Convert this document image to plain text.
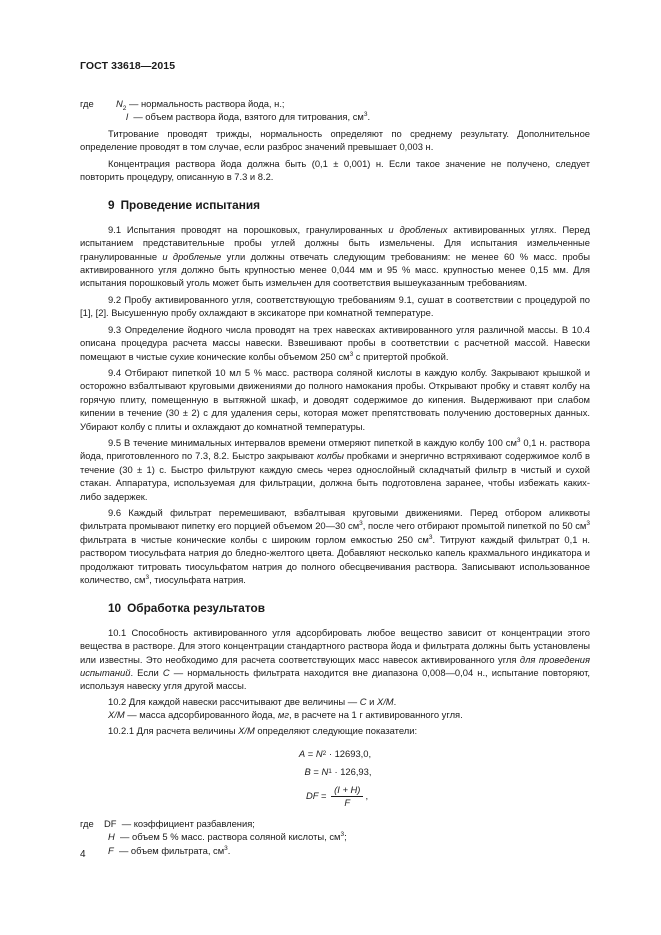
ГОСТ 33618—2015
где	$N_2$
— нормальность раствора йода, н.;
l — объем раствора йода, взятого для титрования, $см^3$.

Титрование проводят трижды, нормальность определяют по среднему результату. Дополнительное определение проводят в том случае, если разброс значений превышает 0,003 н.

Концентрация раствора йода должна быть (0,1 ± 0,001) н. Если такое значение не получено, следует повторить процедуру, описанную в 7.3 и 8.2.

9 Проведение испытания

9.1 Испытания проводят на порошковых, гранулированных и дробленых активированных углях. Перед испытанием представительные пробы углей должны быть измельчены. Для испытания измельченные гранулированные и дробленые угли должны отвечать следующим требованиям: не менее 60 % масс. пробы активированного угля должно быть крупностью менее 0,044 мм и 95 % масс. крупностью менее 0,15 мм. Для испытания порошковый уголь может быть измельчен для соответствия вышеуказанным требованиям.

9.2 Пробу активированного угля, соответствующую требованиям 9.1, сушат в соответствии с процедурой по [1], [2]. Высушенную пробу охлаждают в эксикаторе при комнатной температуре.

9.3 Определение йодного числа проводят на трех навесках активированного угля различной массы. В 10.4 описана процедура расчета массы навески. Взвешивают пробы в соответствии с расчетной массой. Навески помещают в чистые сухие конические колбы объемом 250 $см^3$ с притертой пробкой.

9.4 Отбирают пипеткой 10 мл 5 % масс. раствора соляной кислоты в каждую колбу. Закрывают крышкой и осторожно взбалтывают круговыми движениями до полного намокания пробы. Открывают пробку и ставят колбу на горячую плиту, помещенную в вытяжной шкаф, и доводят содержимое до кипения. Выдерживают при слабом кипении в течение (30 ± 2) с для удаления серы, которая может препятствовать получению достоверных данных. Убирают колбу с плиты и охлаждают до комнатной температуры.

9.5 В течение минимальных интервалов времени отмеряют пипеткой в каждую колбу 100 $см^3$ 0,1 н. раствора йода, приготовленного по 7.3, 8.2. Быстро закрывают колбы пробками и энергично встряхивают содержимое колб в течение (30 ± 1) с. Быстро фильтруют каждую смесь через однослойный складчатый фильтр в чистый и сухой стакан. Аппаратура, используемая для фильтрации, должна быть подготовлена заранее, чтобы избежать каких-либо задержек.

9.6 Каждый фильтрат перемешивают, взбалтывая круговыми движениями. Перед отбором аликвоты фильтрата промывают пипетку его порцией объемом 20—30 $см^3$, после чего отбирают промытой пипеткой по 50 $см^3$ фильтрата в чистые конические колбы с широким горлом емкостью 250 $см^3$. Титруют каждый фильтрат 0,1 н. раствором тиосульфата натрия до бледно-желтого цвета. Добавляют несколько капель крахмального индикатора и продолжают титровать тиосульфатом натрия до полного обесцвечивания раствора. Записывают использованное количество, $см^3$, тиосульфата натрия.

10 Обработка результатов

10.1 Способность активированного угля адсорбировать любое вещество зависит от концентрации этого вещества в растворе. Для этого концентрации стандартного раствора йода и фильтрата должны быть установлены или известны. Это необходимо для расчета соответствующих масс навесок активированного угля для проведения испытаний. Если С — нормальность фильтрата находится вне диапазона 0,008—0,04 н., испытание повторяют, используя навеску угля другой массы.

10.2 Для каждой навески рассчитывают две величины — С и X/M.

X/M — масса адсорбированного йода, мг, в расчете на 1 г активированного угля.

10.2.1 Для расчета величины X/M определяют следующие показатели:

A = N 2 · 12693,0,
B = N 1 · 126,93,
DF = $\frac{(I + H)}{F}$ ,
где DF
— коэффициент разбавления;
H — объем 5 % масс. раствора соляной кислоты, $см^3$;
F — объем фильтрата, $см^3$.
4
